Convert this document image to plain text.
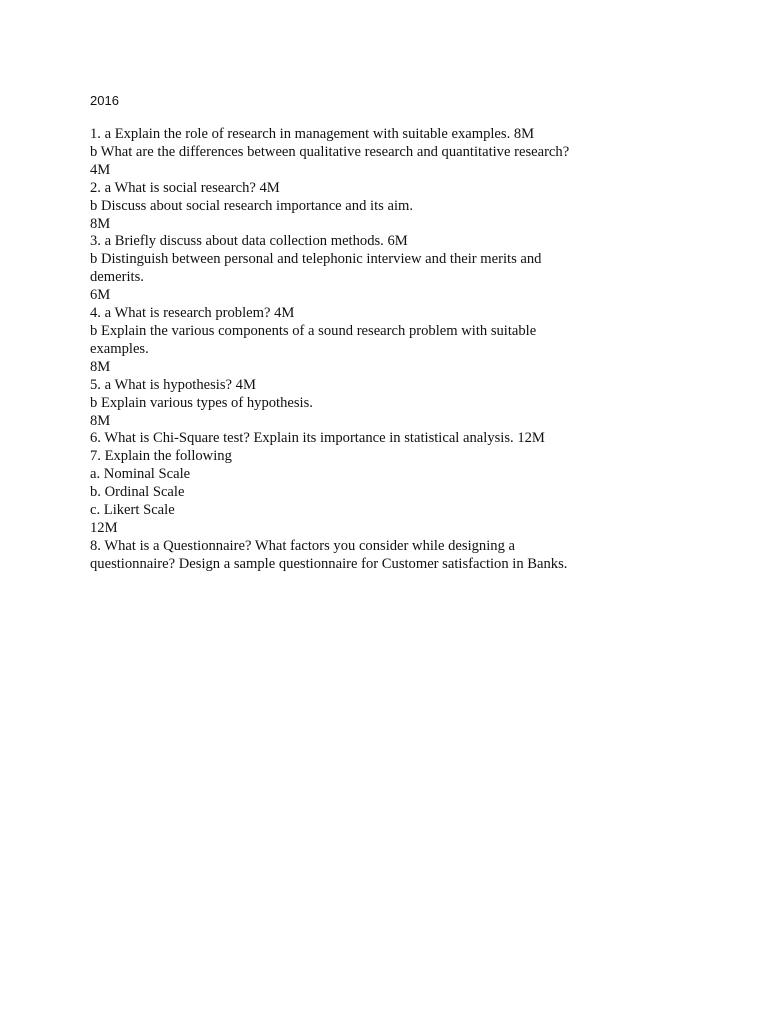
2016
1. a Explain the role of research in management with suitable examples. 8M
b What are the differences between qualitative research and quantitative research?
4M
2. a What is social research? 4M
b Discuss about social research importance and its aim.
8M
3. a Briefly discuss about data collection methods. 6M
b Distinguish between personal and telephonic interview and their merits and
demerits.
6M
4. a What is research problem? 4M
b Explain the various components of a sound research problem with suitable
examples.
8M
5. a What is hypothesis? 4M
b Explain various types of hypothesis.
8M
6. What is Chi-Square test? Explain its importance in statistical analysis. 12M
7. Explain the following
a. Nominal Scale
b. Ordinal Scale
c. Likert Scale
12M
8. What is a Questionnaire? What factors you consider while designing a
questionnaire? Design a sample questionnaire for Customer satisfaction in Banks.
